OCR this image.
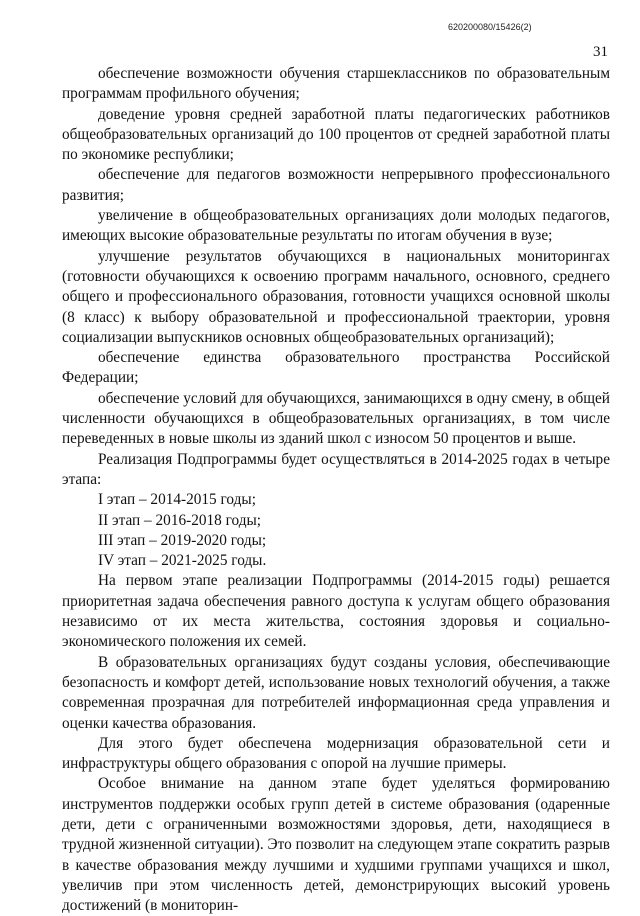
620200080/15426(2)
31

обеспечение возможности обучения старшеклассников по образовательным программам профильного обучения;

доведение уровня средней заработной платы педагогических работников общеобразовательных организаций до 100 процентов от средней заработной платы по экономике республики;

обеспечение для педагогов возможности непрерывного профессионального развития;

увеличение в общеобразовательных организациях доли молодых педагогов, имеющих высокие образовательные результаты по итогам обучения в вузе;

улучшение результатов обучающихся в национальных мониторингах (готовности обучающихся к освоению программ начального, основного, среднего общего и профессионального образования, готовности учащихся основной школы (8 класс) к выбору образовательной и профессиональной траектории, уровня социализации выпускников основных общеобразовательных организаций);

обеспечение единства образовательного пространства Российской Федерации;

обеспечение условий для обучающихся, занимающихся в одну смену, в общей численности обучающихся в общеобразовательных организациях, в том числе переведенных в новые школы из зданий школ с износом 50 процентов и выше.

Реализация Подпрограммы будет осуществляться в 2014-2025 годах в четыре этапа:

I этап – 2014-2015 годы;

II этап – 2016-2018 годы;

III этап – 2019-2020 годы;

IV этап – 2021-2025 годы.

На первом этапе реализации Подпрограммы (2014-2015 годы) решается приоритетная задача обеспечения равного доступа к услугам общего образования независимо от их места жительства, состояния здоровья и социально-экономического положения их семей.

В образовательных организациях будут созданы условия, обеспечивающие безопасность и комфорт детей, использование новых технологий обучения, а также современная прозрачная для потребителей информационная среда управления и оценки качества образования.

Для этого будет обеспечена модернизация образовательной сети и инфраструктуры общего образования с опорой на лучшие примеры.

Особое внимание на данном этапе будет уделяться формированию инструментов поддержки особых групп детей в системе образования (одаренные дети, дети с ограниченными возможностями здоровья, дети, находящиеся в трудной жизненной ситуации). Это позволит на следующем этапе сократить разрыв в качестве образования между лучшими и худшими группами учащихся и школ, увеличив при этом численность детей, демонстрирующих высокий уровень достижений (в мониторин-
